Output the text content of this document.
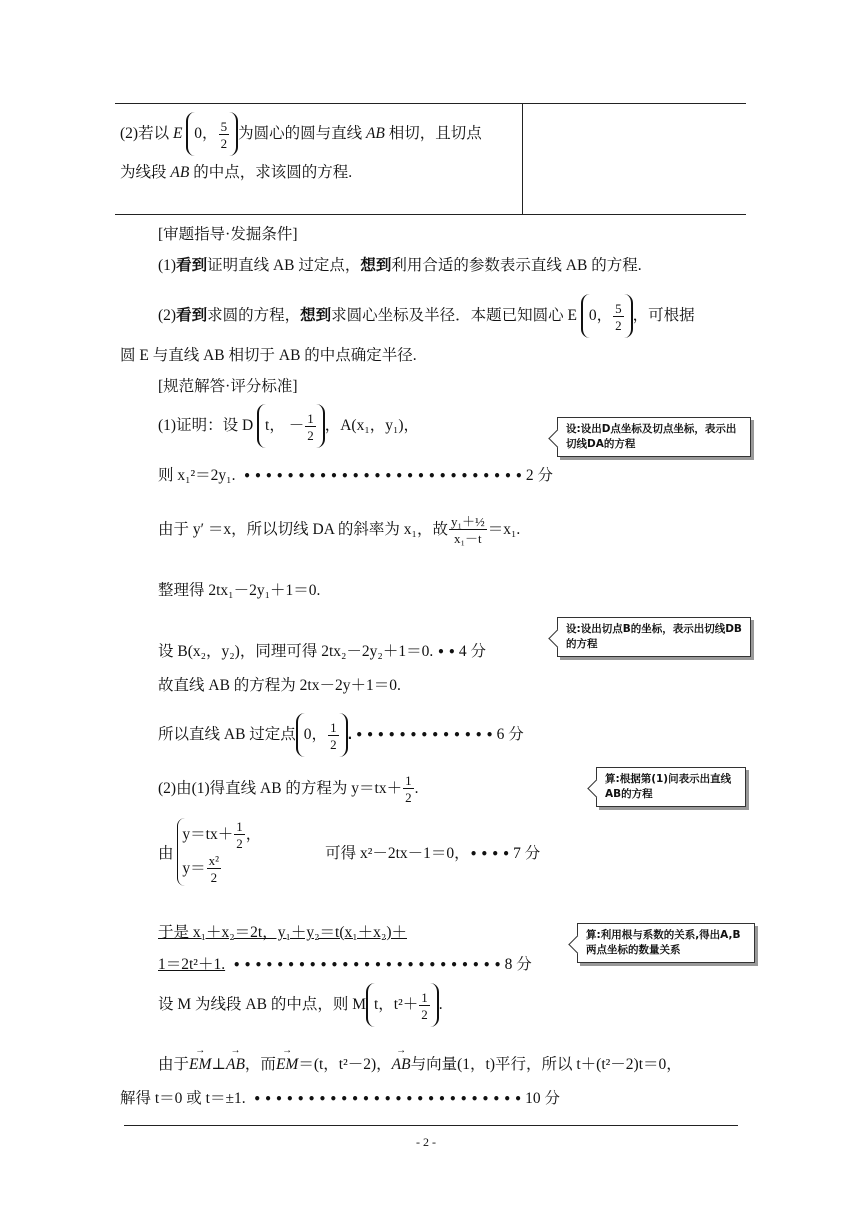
(2)若以 E 0， $\frac{5}{2}$ 为圆心的圆与直线 AB 相切，且切点
为线段 AB 的中点，求该圆的方程.
[审题指导·发掘条件]
(1)看到证明直线 AB 过定点，想到利用合适的参数表示直线 AB 的方程.
(2)看到求圆的方程，想到求圆心坐标及半径．本题已知圆心 E 0， $\frac{5}{2}$ ，可根据
圆 E 与直线 AB 相切于 AB 的中点确定半径.
[规范解答·评分标准]
(1)证明：设 D t， － $\frac{1}{2}$ ，A(x₁，y₁)，
则 x₁²＝2y₁. ••••••••••••••••••••••••••2 分
由于 y′ ＝x，所以切线 DA 的斜率为 x₁，故 $\frac{\text{y₁＋½}}{\text{x₁－t}} =x_1$.
整理得 2tx₁－2y₁＋1＝0.
设 B(x₂，y₂)，同理可得 2tx₂－2y₂＋1＝0. ••4 分
故直线 AB 的方程为 2tx－2y＋1＝0.
所以直线 AB 过定点 0， $\frac{1}{2}$ .•••••••••••••6 分
(2)由(1)得直线 AB 的方程为 $y=tx+ \frac{1}{2}$ .
由
$y=tx+ \frac{1}{2}$ ，
$y= \frac{\text{x²}}{2}$
可得 x²－2tx－1＝0，••••7 分
于是 x₁＋x₂＝2t，y₁＋y₂＝t(x₁＋x₂)＋
1＝2t²＋1. •••••••••••••••••••••••••8 分
设 M 为线段 AB 的中点，则 M t，$t^2+ \frac{1}{2}$ .
由于→ EM⊥→ AB，而→ EM＝(t，t²－2)，→ AB与向量(1，t)平行，所以 t＋(t²－2)t＝0，
解得 t＝0 或 t＝±1. •••••••••••••••••••••••••10 分
设:设出D点坐标及切点坐标，表示出切线DA的方程
设:设出切点B的坐标，表示出切线DB的方程
算:根据第(1)问表示出直线AB的方程
算:利用根与系数的关系,得出A,B两点坐标的数量关系
- 2 -
